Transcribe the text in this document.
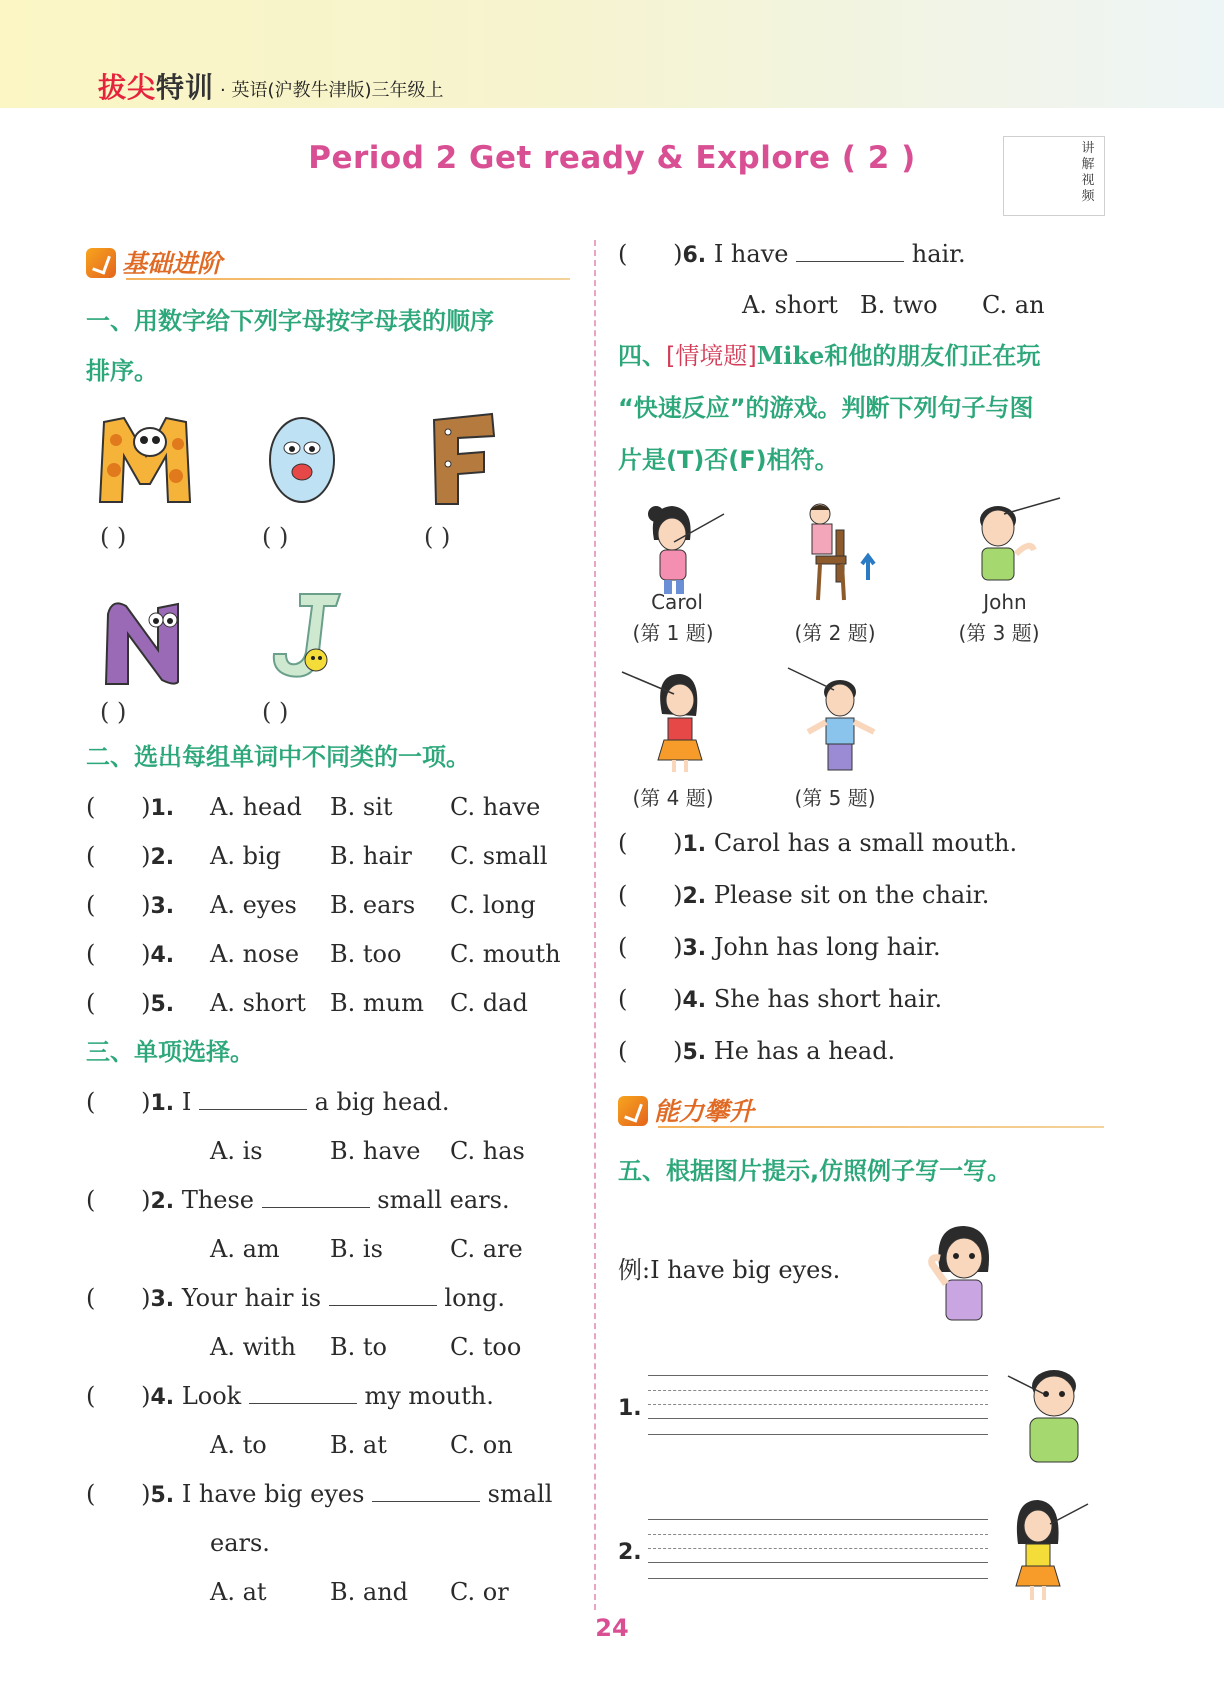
拔尖特训 · 英语(沪教牛津版)三年级上
Period 2 Get ready & Explore ( 2 )	讲解视频
基础进阶
一、用数字给下列字母按字母表的顺序
排序。
( )	( )	( )
( )	( )
二、选出每组单词中不同类的一项。
(      )1. A. head B. sit C. have
(      )2. A. big B. hair C. small
(      )3. A. eyes B. ears C. long
(      )4. A. nose B. too C. mouth
(      )5. A. short B. mum C. dad
三、单项选择。
(      )1. I	a big head.
A. is	B. have C. has
(      )2. These	small ears.
A. am B. is	C. are
(      )3. Your hair is	long.
A. with B. to	C. too
(      )4. Look	my mouth.
A. to	B. at	C. on
(      )5. I have big eyes	small
ears.
A. at	B. and C. or
(      )6. I have	hair.
A. short B. two C. an
四、[情境题]Mike和他的朋友们正在玩
“快速反应”的游戏。判断下列句子与图
片是(T)否(F)相符。
Carol	John
(第 1 题)	(第 2 题)	(第 3 题)
(第 4 题)	(第 5 题)
(      )1. Carol has a small mouth.
(      )2. Please sit on the chair.
(      )3. John has long hair.
(      )4. She has short hair.
(      )5. He has a head.
能力攀升
五、根据图片提示,仿照例子写一写。
例:I have big eyes.
1.
2.
24
